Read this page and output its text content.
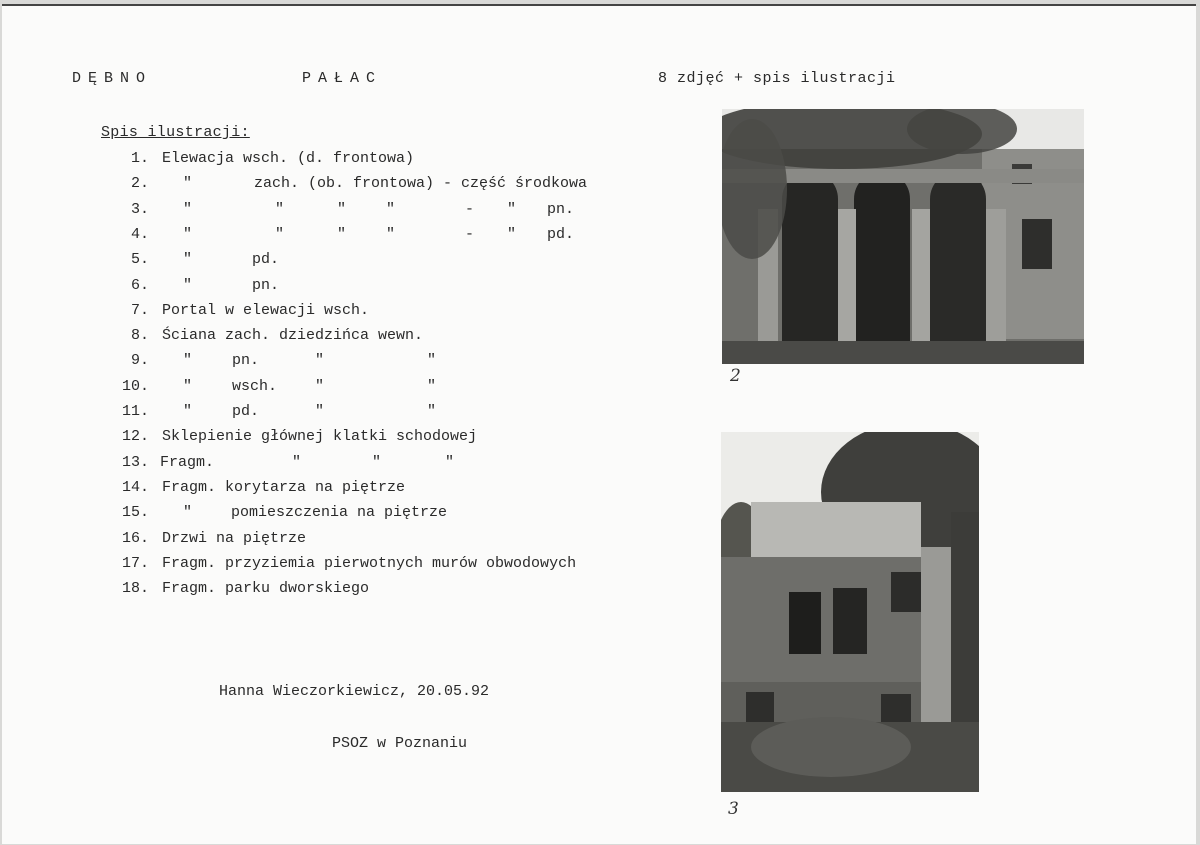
DĘBNO	PAŁAC	8 zdjęć + spis ilustracji
Spis ilustracji:
1. Elewacja wsch. (d. frontowa)
2. "	zach. (ob. frontowa) - część środkowa
3. "	"	"	"	- " pn.
4. "	"	"	"	- " pd.
5. "	pd.
6. "	pn.
7. Portal w elewacji wsch.
8. Ściana zach. dziedzińca wewn.
9. "	pn.	"	"
10. "	wsch.	"	"
11. "	pd.	"	"
12. Sklepienie głównej klatki schodowej
13. Fragm.	"	"	"
14. Fragm. korytarza na piętrze
15. "	pomieszczenia na piętrze
16. Drzwi na piętrze
17. Fragm. przyziemia pierwotnych murów obwodowych
18. Fragm. parku dworskiego
Hanna Wieczorkiewicz, 20.05.92
PSOZ w Poznaniu
2
3
